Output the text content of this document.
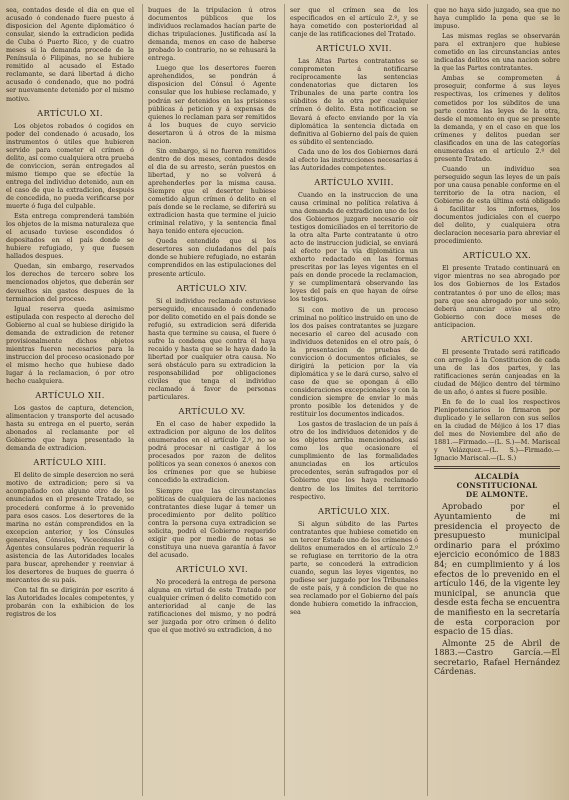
sea, contados desde el dia en que el acusado ó condenado fuere puesto á disposicion del Agente diplomático ó consular, siendo la extradicion pedida de Cuba ó Puerto Rico, y de cuatro meses si la demanda procede de la Península ó Filipinas, no se hubiere remitido al acusado el Estado reclamante, se dará libertad á dicho acusado ó condenado, que no podrá ser nuevamente detenido por el mismo motivo.

ARTÍCULO XI.

Los objetos robados ó cogidos en poder del condenado ó acusado, los instrumentos ó útiles que hubieren servido para cometer el crímen ó delito, así como cualquiera otra prueba de conviccion, serán entregados al mismo tiempo que se efectúe la entrega del individuo detenido, aun en el caso de que la extradicion, después de concedida, no pueda verificarse por muerte ó fuga del culpable.

Esta entrega comprenderá también los objetos de la misma naturaleza que el acusado tuviese escondidos ó depositados en el país donde se hubiere refugiado, y que fuesen hallados despues.

Quedan, sin embargo, reservados los derechos de tercero sobre los mencionados objetos, que deberán ser devueltos sin gastos despues de la terminacion del proceso.

Igual reserva queda asimismo estipulada con respecto al derecho del Gobierno al cual se hubiese dirigido la demanda de extradicion de retener provisionalmente dichos objetos mientras fueren necesarios para la instruccion del proceso ocasionado por el mismo hecho que hubiese dado lugar á la reclamacion, ó por otro hecho cualquiera.

ARTÍCULO XII.

Los gastos de captura, detencion, alimentacion y transporte del acusado hasta su entrega en el puerto, serán abonados al reclamante por el Gobierno que haya presentado la demanda de extradicion.

ARTÍCULO XIII.

El delito de simple desercion no será motivo de extradicion; pero si va acompañado con alguno otro de los enunciados en el presente Tratado, se procederá conforme á lo prevenido para esos casos. Los desertores de la marina no están comprendidos en la excepcion anterior, y los Cónsules generales, Cónsules, Vicecónsules ó Agentes consulares podrán requerir la asistencia de las Autoridades locales para buscar, aprehender y reenviar á los desertores de buques de guerra ó mercantes de su país.

Con tal fin se dirigirán por escrito á las Autoridades locales competentes, y probarán con la exhibicion de los registros de los

buques de la tripulacion ú otros documentos públicos que los individuos reclamados hacían parte de dichas tripulaciones. Justificada así la demanda, menos en caso de haberse probado lo contrario, no se rehusará la entrega.

Luego que los desertores fueren aprehendidos, se pondrán á disposicion del Cónsul ó Agente consular que los hubiese reclamado, y podrán ser detenidos en las prisiones públicas á peticion y á expensas de quienes lo reclaman para ser remitidos á los buques de cuyo servicio desertaron ú á otros de la misma nacion.

Sin embargo, si no fueren remitidos dentro de dos meses, contados desde el dia de su arresto, serán puestos en libertad, y no se volverá á aprehenderles por la misma causa. Siempre que el desertor hubiese cometido algun crímen ó delito en el país donde se le reclame, se diferirá su extradicion hasta que termine el juicio criminal relativo, y la sentencia final haya tenido entera ejecucion.

Queda entendido que si los desertores son ciudadanos del país donde se hubiere refugiado, no estarán comprendidos en las estipulaciones del presente artículo.

ARTÍCULO XIV.

Si el individuo reclamado estuviese perseguido, encausado ó condenado por delito cometido en el país donde se refugió, su extradicion será diferida hasta que termine su causa, el fuere ó sufre la condena que contra él haya recaido y hasta que se le haya dado la libertad por cualquier otra causa. No será obstáculo para su extradicion la responsabilidad por obligaciones civiles que tenga el individuo reclamado á favor de personas particulares.

ARTÍCULO XV.

En el caso de haber expedido la extradicion por alguno de los delitos enumerados en el artículo 2.º, no se podrá procesar ni castigar á los procesados por razon de delitos políticos ya sean conexos ó anexos con los crímenes por que se hubiese concedido la extradicion.

Siempre que las circunstancias políticas de cualquiera de las naciones contratantes diese lugar á temer un procedimiento por delito político contra la persona cuya extradicion se solicita, podrá el Gobierno requerido exigir que por medio de notas se constituya una nueva garantía á favor del acusado.

ARTÍCULO XVI.

No procederá la entrega de persona alguna en virtud de este Tratado por cualquier crímen ó delito cometido con anterioridad al canje de las ratificaciones del mismo, y no podrá ser juzgada por otro crímen ó delito que el que motivó su extradicion, á no

ser que el crímen sea de los especificados en el artículo 2.º, y se haya cometido con posterioridad al canje de las ratificaciones del Tratado.

ARTÍCULO XVII.

Las Altas Partes contratantes se comprometen á notificarse recíprocamente las sentencias condenatorias que dictaren los Tribunales de una parte contra los súbditos de la otra por cualquier crímen ó delito. Esta notificacion se llevará á efecto enviando por la vía diplomática la sentencia dictada en definitiva al Gobierno del país de quien es súbdito el sentenciado.

Cada uno de los dos Gobiernos dará al efecto las instrucciones necesarias á las Autoridades competentes.

ARTÍCULO XVIII.

Cuando en la instruccion de una causa criminal no política relativa á una demanda de extradicion uno de los dos Gobiernos juzgare necesario oír testigos domiciliados en el territorio de la otra alta Parte contratante ú otro acto de instruccion judicial, se enviará al efecto por la vía diplomática un exhorto redactado en las formas prescritas por las leyes vigentes en el país en donde procede la reclamacion, y se cumplimentará observando las leyes del país en que hayan de oírse los testigos.

Si con motivo de un proceso criminal no político instruido en uno de los dos países contratantes se juzgare necesario el careo del acusado con individuos detenidos en el otro país, ó la presentacion de pruebas de conviccion ó documentos oficiales, se dirigirá la peticion por la vía diplomática y se le dará curso, salvo el caso de que se opongan á ello consideraciones excepcionales y con la condicion siempre de enviar lo más pronto posible los detenidos y de restituir los documentos indicados.

Los gastos de traslacion de un país á otro de los individuos detenidos y de los objetos arriba mencionados, así como los que ocasionare el cumplimiento de las formalidades anunciadas en los artículos precedentes, serán sufragados por el Gobierno que los haya reclamado dentro de los límites del territorio respectivo.

ARTÍCULO XIX.

Si algun súbdito de las Partes contratantes que hubiese cometido en un tercer Estado uno de los crímenes ó delitos enumerados en el artículo 2.º se refugiase en territorio de la otra parte, se concederá la extradicion cuando, segun las leyes vigentes, no pudiese ser juzgado por los Tribunales de este país, y á condicion de que no sea reclamado por el Gobierno del país donde hubiera cometido la infraccion, sea

que no haya sido juzgado, sea que no haya cumplido la pena que se le impuso.

Las mismas reglas se observarán para el extranjero que hubiese cometido en las circunstancias antes indicadas delitos en una nacion sobre la que las Partes contratantes.

Ambas se comprometen á proseguir, conforme á sus leyes respectivas, los crímenes y delitos cometidos por los súbditos de una parte contra las leyes de la otra, desde el momento en que se presente la demanda, y en el caso en que los crímenes y delitos puedan ser clasificados en una de las categorías enumeradas en el artículo 2.º del presente Tratado.

Cuando un individuo sea perseguido segun las leyes de un país por una causa penable conforme en el territorio de la otra nacion, el Gobierno de esta última está obligado á facilitar los informes, los documentos judiciales con el cuerpo del delito, y cualquiera otra declaracion necesaria para abreviar el procedimiento.

ARTÍCULO XX.

El presente Tratado continuará en vigor mientras no sea abrogado por los dos Gobiernos de los Estados contratantes ó por uno de ellos; mas para que sea abrogado por uno solo, deberá anunciar aviso al otro Gobierno con doce meses de anticipacion.

ARTÍCULO XXI.

El presente Tratado será ratificado con arreglo á la Constitucion de cada una de las dos partes, y las ratificaciones serán canjeadas en la ciudad de Méjico dentro del término de un año, ó antes si fuere posible.

En fe de lo cual los respectivos Plenipotenciarios lo firmaron por duplicado y le sellaron con sus sellos en la ciudad de Méjico á los 17 dias del mes de Noviembre del año de 1881.—Firmado.—(L. S.)—M. Mariscal y Velázquez.—(L. S.)—Firmado.—Ignacio Mariscal.—(L. S.)

ALCALDÍA CONSTITUCIONAL
DE ALMONTE.

Aprobado por el Ayuntamiento de mi presidencia el proyecto de presupuesto municipal ordinario para el próximo ejercicio económico de 1883 84; en cumplimiento y á los efectos de lo prevenido en el artículo 146, de la vigente ley municipal, se anuncia que desde esta fecha se encuentra de manifiesto en la secretaría de esta corporacion por espacio de 15 días.

Almonte 25 de Abril de 1883.—Castro García.—El secretario, Rafael Hernández Cárdenas.
